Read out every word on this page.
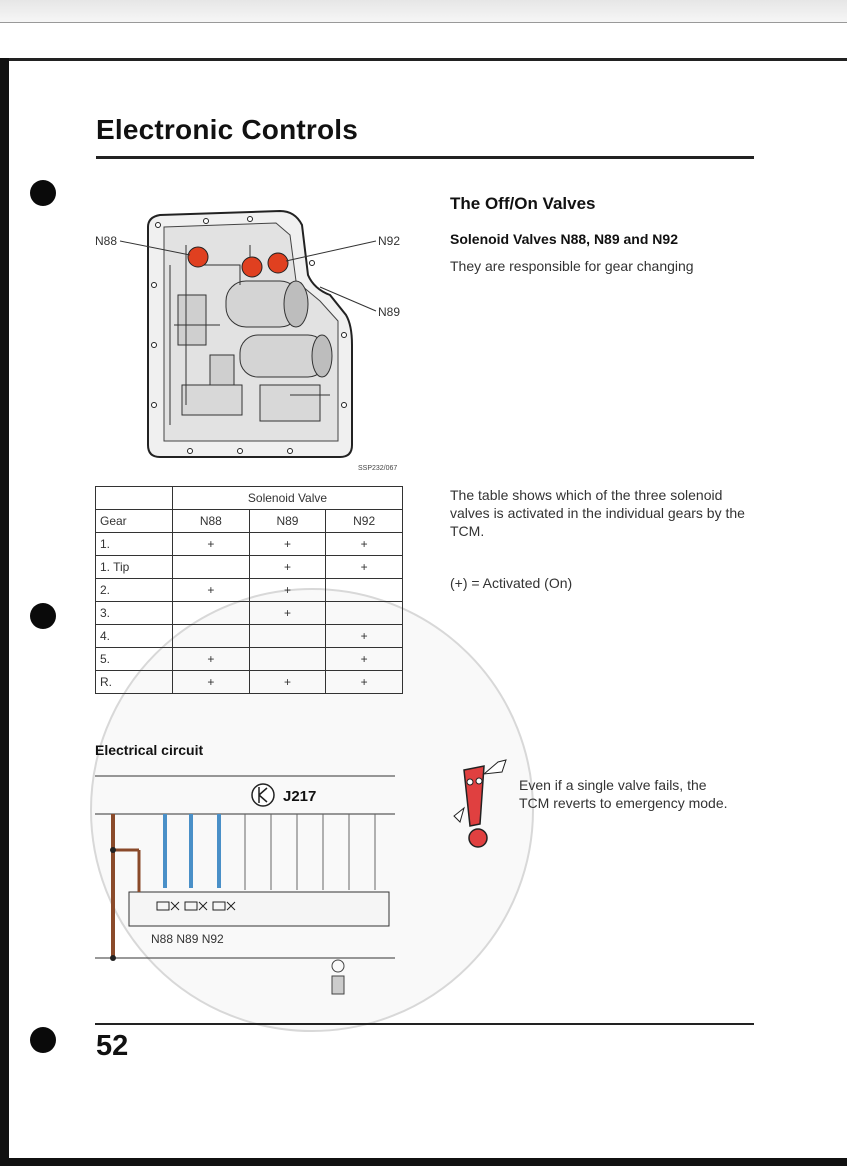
Electronic Controls
N88	N92
N89
SSP232/067
The Off/On Valves
Solenoid Valves N88, N89 and N92
They are responsible for gear changing
	Solenoid Valve		
Gear	N88	N89	N92
1.	+	+	+
1. Tip		+	+
2.	+	+	
3.		+	
4.			+
5.	+		+
R.	+	+	+
The table shows which of the three solenoid valves is activated in the individual gears by the TCM.
(+) = Activated (On)
Electrical circuit
J217
N88 N89 N92
Even if a single valve fails, the TCM reverts to emergency mode.
52
